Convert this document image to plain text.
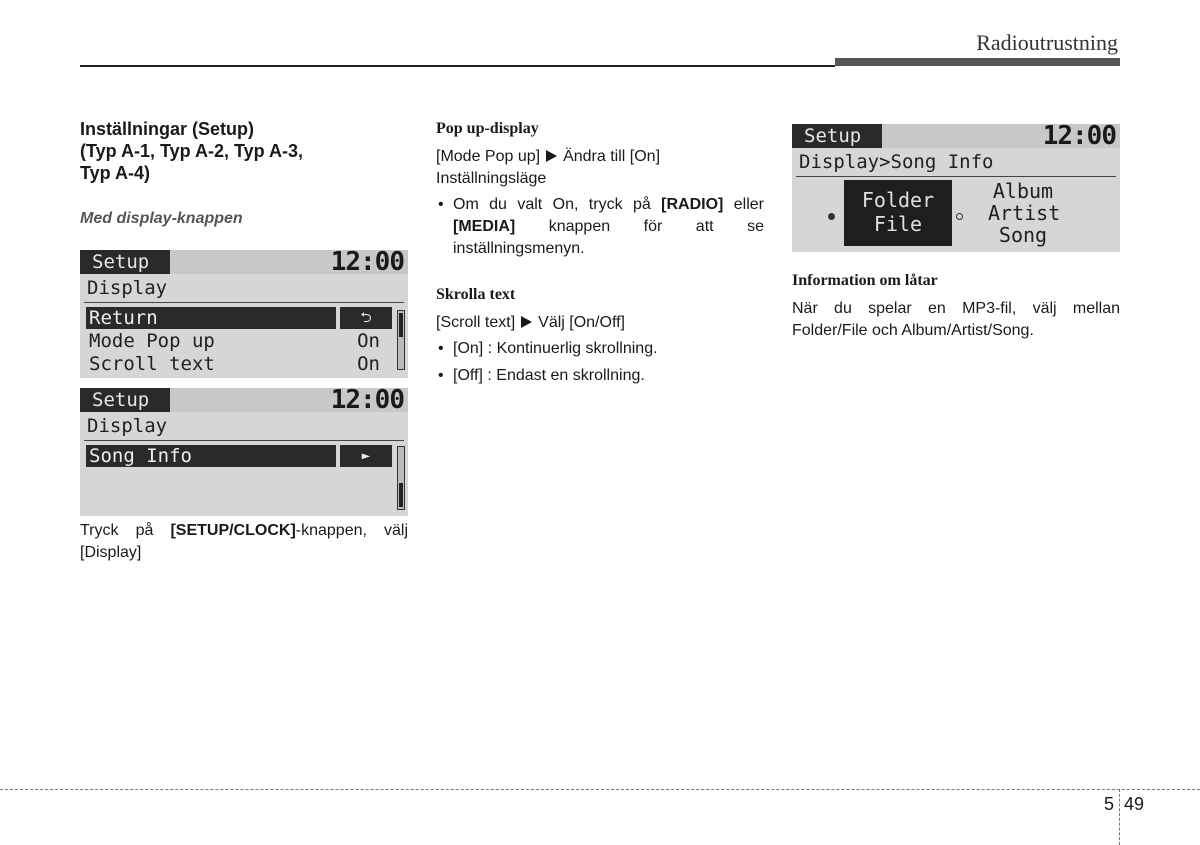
Radioutrustning
Inställningar (Setup)
(Typ A-1, Typ A-2, Typ A-3,
Typ A-4)
Med display-knappen
Setup	12:00
Display
Return	⮌
Mode Pop up	On
Scroll text	On
Setup	12:00
Display
Song Info	►

Tryck på [SETUP/CLOCK]-knappen, välj [Display]

Pop up-display

[Mode Pop up] Ändra till [On] Inställningsläge

• Om du valt On, tryck på [RADIO] eller [MEDIA] knappen för att se inställningsmenyn.
Skrolla text

[Scroll text] Välj [On/Off]

• [On] : Kontinuerlig skrollning.
• [Off] : Endast en skrollning.
Setup	12:00
Display>Song Info
Folder
File
Album
Artist
Song
Information om låtar

När du spelar en MP3-fil, välj mellan Folder/File och Album/Artist/Song.

5 49
